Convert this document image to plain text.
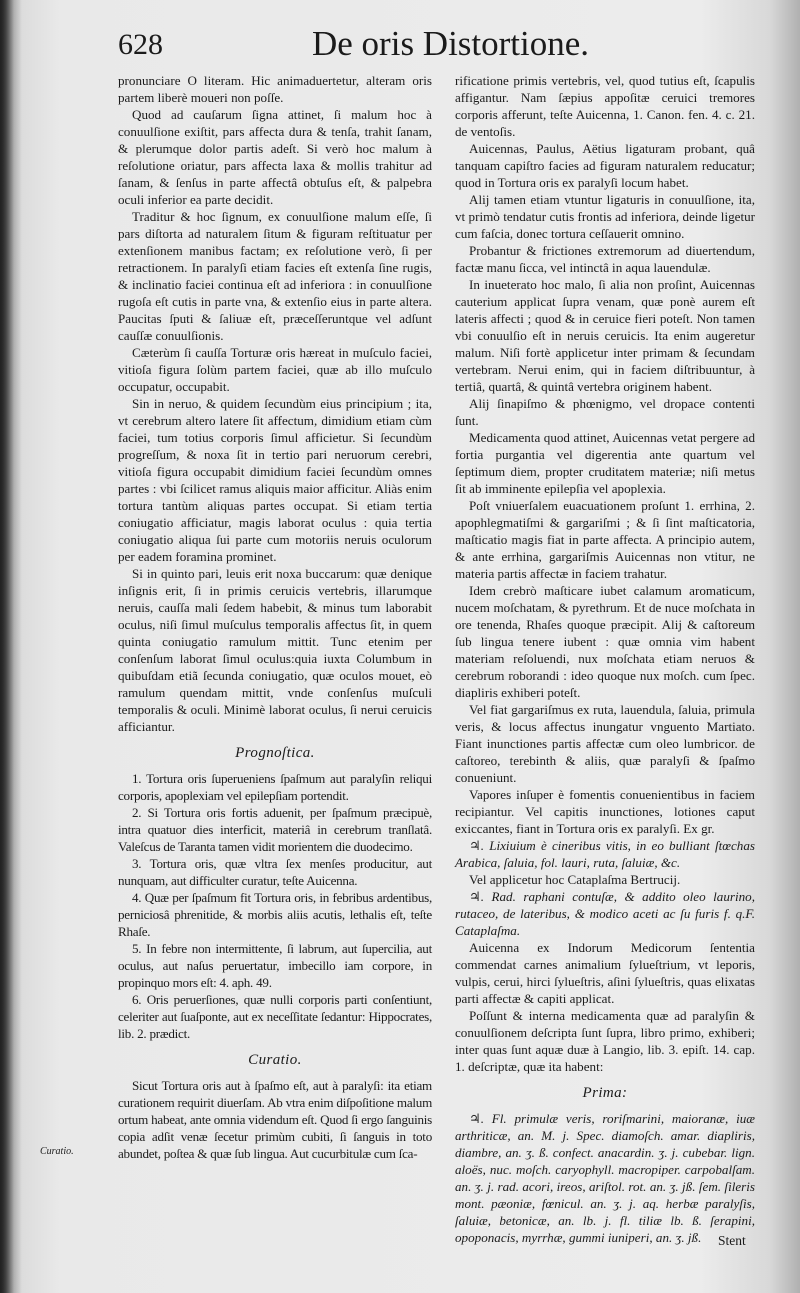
628	De oris Distortione.
Curatio.

pronunciare O literam. Hic animaduertetur, alteram oris partem liberè moueri non poſſe.

Quod ad cauſarum ſigna attinet, ſi malum hoc à conuulſione exiſtit, pars affecta dura & tenſa, trahit ſanam, & plerumque dolor partis adeſt. Si verò hoc malum à reſolutione oriatur, pars affecta laxa & mollis trahitur ad ſanam, & ſenſus in parte affectâ obtuſus eſt, & palpebra oculi inferior ea parte decidit.

Traditur & hoc ſignum, ex conuulſione malum eſſe, ſi pars diſtorta ad naturalem ſitum & figuram reſtituatur per extenſionem manibus factam; ex reſolutione verò, ſi per retractionem. In paralyſi etiam facies eſt extenſa ſine rugis, & inclinatio faciei continua eſt ad inferiora : in conuulſione rugoſa eſt cutis in parte vna, & extenſio eius in parte altera. Paucitas ſputi & ſaliuæ eſt, præceſſeruntque vel adſunt cauſſæ conuulſionis.

Cæterùm ſi cauſſa Torturæ oris hæreat in muſculo faciei, vitioſa figura ſolùm partem faciei, quæ ab illo muſculo occupatur, occupabit.

Sin in neruo, & quidem ſecundùm eius principium ; ita, vt cerebrum altero latere ſit affectum, dimidium etiam cùm faciei, tum totius corporis ſimul afficietur. Si ſecundùm progreſſum, & noxa ſit in tertio pari neruorum cerebri, vitioſa figura occupabit dimidium faciei ſecundùm omnes partes : vbi ſcilicet ramus aliquis maior afficitur. Aliàs enim tortura tantùm aliquas partes occupat. Si etiam tertia coniugatio afficiatur, magis laborat oculus : quia tertia coniugatio aliqua ſui parte cum motoriis neruis oculorum per eadem foramina prominet.

Si in quinto pari, leuis erit noxa buccarum: quæ denique inſignis erit, ſi in primis ceruicis vertebris, illarumque neruis, cauſſa mali ſedem habebit, & minus tum laborabit oculus, niſi ſimul muſculus temporalis affectus ſit, in quem quinta coniugatio ramulum mittit. Tunc etenim per conſenſum laborat ſimul oculus:quia iuxta Columbum in quibuſdam etiã ſecunda coniugatio, quæ oculos mouet, eò ramulum quendam mittit, vnde conſenſus muſculi temporalis & oculi. Minimè laborat oculus, ſi nerui ceruicis afficiantur.

Prognoſtica.

1. Tortura oris ſuperueniens ſpaſmum aut paralyſin reliqui corporis, apoplexiam vel epilepſiam portendit.

2. Si Tortura oris fortis aduenit, per ſpaſmum præcipuè, intra quatuor dies interficit, materiâ in cerebrum tranſlatâ. Valeſcus de Taranta tamen vidit morientem die duodecimo.

3. Tortura oris, quæ vltra ſex menſes producitur, aut nunquam, aut difficulter curatur, teſte Auicenna.

4. Quæ per ſpaſmum fit Tortura oris, in febribus ardentibus, perniciosâ phrenitide, & morbis aliis acutis, lethalis eſt, teſte Rhaſe.

5. In febre non intermittente, ſi labrum, aut ſupercilia, aut oculus, aut naſus peruertatur, imbecillo iam corpore, in propinquo mors eſt: 4. aph. 49.

6. Oris peruerſiones, quæ nulli corporis parti conſentiunt, celeriter aut ſuaſponte, aut ex neceſſitate ſedantur: Hippocrates, lib. 2. prædict.

Curatio.

Sicut Tortura oris aut à ſpaſmo eſt, aut à paralyſi: ita etiam curationem requirit diuerſam. Ab vtra enim diſpoſitione malum ortum habeat, ante omnia videndum eſt. Quod ſi ergo ſanguinis copia adſit venæ ſecetur primùm cubiti, ſi ſanguis in toto abundet, poſtea & quæ ſub lingua. Aut cucurbitulæ cum ſca-

rificatione primis vertebris, vel, quod tutius eſt, ſcapulis affigantur. Nam ſæpius appoſitæ ceruici tremores corporis afferunt, teſte Auicenna, 1. Canon. fen. 4. c. 21. de ventoſis.

Auicennas, Paulus, Aëtius ligaturam probant, quâ tanquam capiſtro facies ad figuram naturalem reducatur; quod in Tortura oris ex paralyſi locum habet.

Alij tamen etiam vtuntur ligaturis in conuulſione, ita, vt primò tendatur cutis frontis ad inferiora, deinde ligetur cum faſcia, donec tortura ceſſauerit omnino.

Probantur & frictiones extremorum ad diuertendum, factæ manu ſicca, vel intinctâ in aqua lauendulæ.

In inueterato hoc malo, ſi alia non proſint, Auicennas cauterium applicat ſupra venam, quæ ponè aurem eſt lateris affecti ; quod & in ceruice fieri poteſt. Non tamen vbi conuulſio eſt in neruis ceruicis. Ita enim augeretur malum. Niſi fortè applicetur inter primam & ſecundam vertebram. Nerui enim, qui in faciem diſtribuuntur, à tertiâ, quartâ, & quintâ vertebra originem habent.

Alij ſinapiſmo & phœnigmo, vel dropace contenti ſunt.

Medicamenta quod attinet, Auicennas vetat pergere ad fortia purgantia vel digerentia ante quartum vel ſeptimum diem, propter cruditatem materiæ; niſi metus ſit ab imminente epilepſia vel apoplexia.

Poſt vniuerſalem euacuationem proſunt 1. errhina, 2. apophlegmatiſmi & gargariſmi ; & ſi ſint maſticatoria, maſticatio magis fiat in parte affecta. A principio autem, & ante errhina, gargariſmis Auicennas non vtitur, ne materia partis affectæ in faciem trahatur.

Idem crebrò maſticare iubet calamum aromaticum, nucem moſchatam, & pyrethrum. Et de nuce moſchata in ore tenenda, Rhaſes quoque præcipit. Alij & caſtoreum ſub lingua tenere iubent : quæ omnia vim habent materiam reſoluendi, nux moſchata etiam neruos & cerebrum roborandi : ideo quoque nux moſch. cum ſpec. diapliris exhiberi poteſt.

Vel fiat gargariſmus ex ruta, lauendula, ſaluia, primula veris, & locus affectus inungatur vnguento Martiato. Fiant inunctiones partis affectæ cum oleo lumbricor. de caſtoreo, terebinth & aliis, quæ paralyſi & ſpaſmo conueniunt.

Vapores inſuper è fomentis conuenientibus in faciem recipiantur. Vel capitis inunctiones, lotiones caput exiccantes, fiant in Tortura oris ex paralyſi. Ex gr.

♃. Lixiuium è cineribus vitis, in eo bulliant ſtœchas Arabica, ſaluia, fol. lauri, ruta, ſaluiæ, &c.

Vel applicetur hoc Cataplaſma Bertrucij.

♃. Rad. raphani contuſæ, & addito oleo laurino, rutaceo, de lateribus, & modico aceti ac ſu furis f. q.F. Cataplaſma.

Auicenna ex Indorum Medicorum ſententia commendat carnes animalium ſylueſtrium, vt leporis, vulpis, cerui, hirci ſylueſtris, aſini ſylueſtris, quas elixatas parti affectæ & capiti applicat.

Poſſunt & interna medicamenta quæ ad paralyſin & conuulſionem deſcripta ſunt ſupra, libro primo, exhiberi; inter quas ſunt aquæ duæ à Langio, lib. 3. epiſt. 14. cap. 1. deſcriptæ, quæ ita habent:

Prima:

♃. Fl. primulæ veris, roriſmarini, maioranæ, iuæ arthriticæ, an. M. j. Spec. diamoſch. amar. diapliris, diambre, an. ʒ. ß. confect. anacardin. ʒ. j. cubebar. lign. aloës, nuc. moſch. caryophyll. macropiper. carpobalſam. an. ʒ. j. rad. acori, ireos, ariſtol. rot. an. ʒ. jß. ſem. ſileris mont. pæoniæ, fœnicul. an. ʒ. j. aq. herbæ paralyſis, ſaluiæ, betonicæ, an. lb. j. fl. tiliæ lb. ß. ſerapini, opoponacis, myrrhæ, gummi iuniperi, an. ʒ. jß.	Stent
